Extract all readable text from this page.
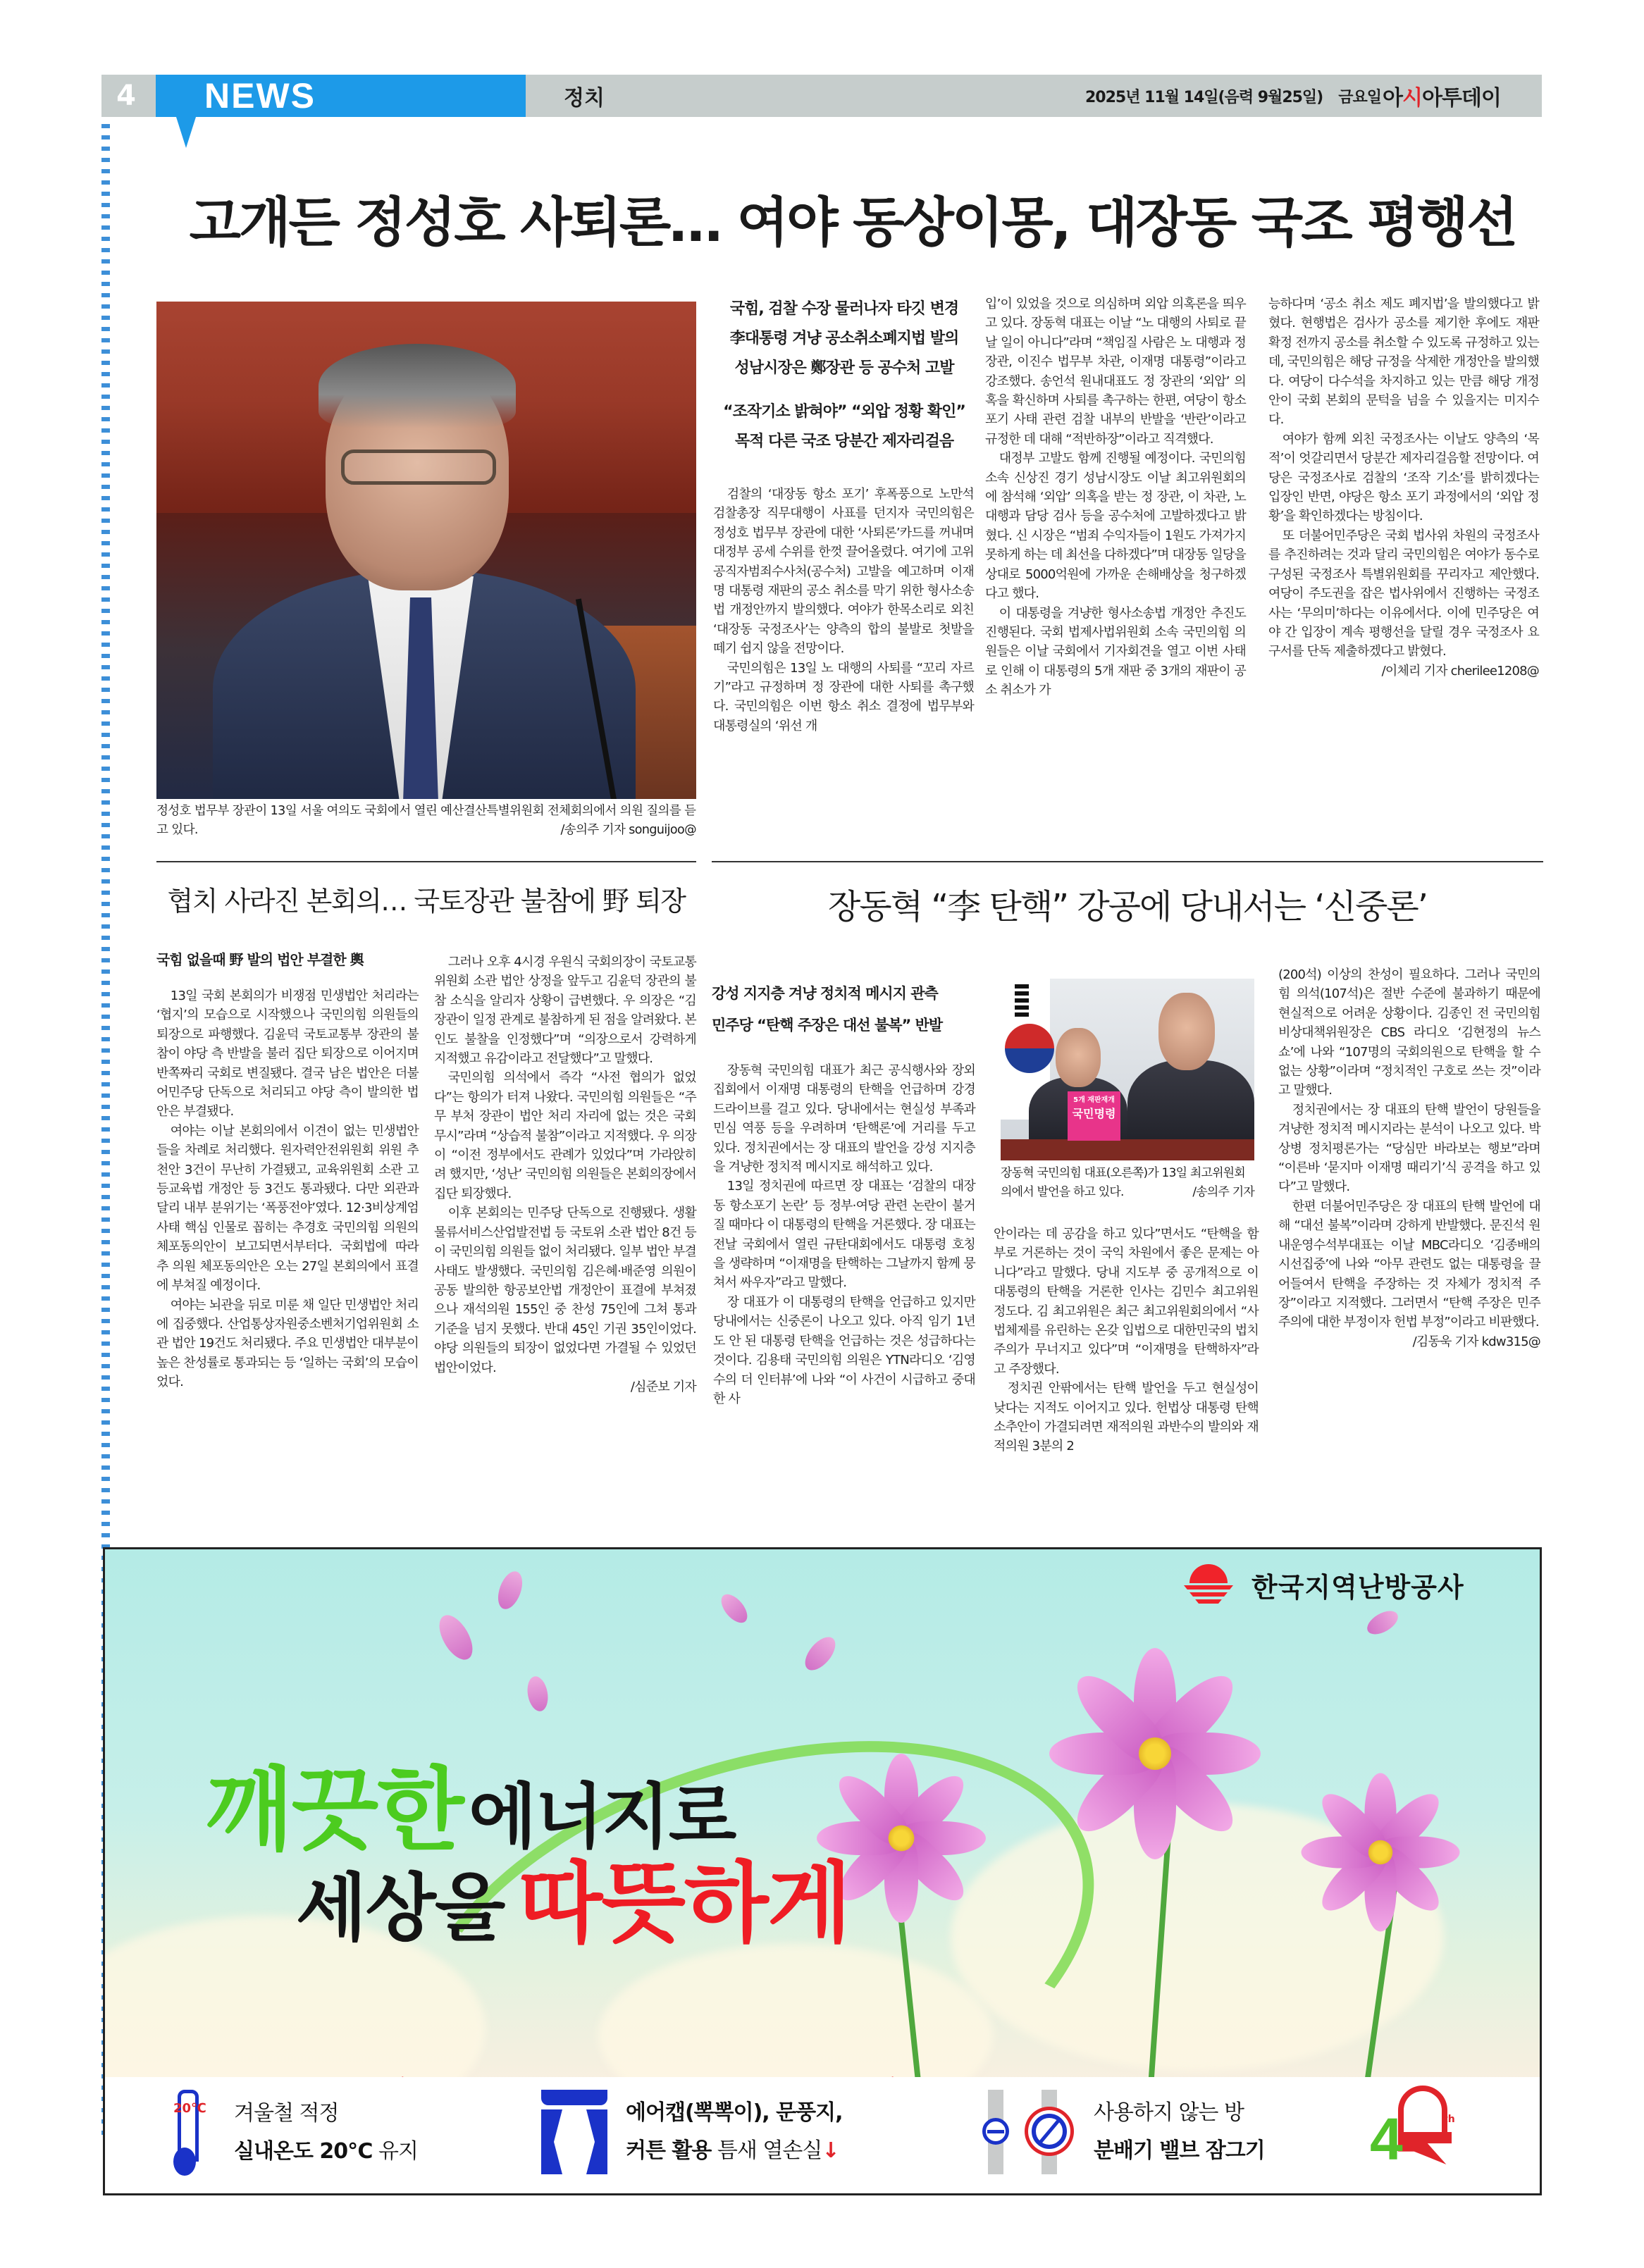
4	NEWS	정치	2025년 11월 14일(음력 9월25일) 금요일 아 시 아투데이
고개든 정성호 사퇴론… 여야 동상이몽, 대장동 국조 평행선
정성호 법무부 장관이 13일 서울 여의도 국회에서 열린 예산결산특별위원회 전체회의에서 의원 질의를 듣고 있다.	/송의주 기자 songuijoo@
국힘, 검찰 수장 물러나자 타깃 변경
李대통령 겨냥 공소취소폐지법 발의
성남시장은 鄭장관 등 공수처 고발
“조작기소 밝혀야” “외압 정황 확인”
목적 다른 국조 당분간 제자리걸음

검찰의 ‘대장동 항소 포기’ 후폭풍으로 노만석 검찰총장 직무대행이 사표를 던지자 국민의힘은 정성호 법무부 장관에 대한 ‘사퇴론’카드를 꺼내며 대정부 공세 수위를 한껏 끌어올렸다. 여기에 고위공직자범죄수사처(공수처) 고발을 예고하며 이재명 대통령 재판의 공소 취소를 막기 위한 형사소송법 개정안까지 발의했다. 여야가 한목소리로 외친 ‘대장동 국정조사’는 양측의 합의 불발로 첫발을 떼기 쉽지 않을 전망이다.

국민의힘은 13일 노 대행의 사퇴를 “꼬리 자르기”라고 규정하며 정 장관에 대한 사퇴를 촉구했다. 국민의힘은 이번 항소 취소 결정에 법무부와 대통령실의 ‘위선 개

입’이 있었을 것으로 의심하며 외압 의혹론을 띄우고 있다. 장동혁 대표는 이날 “노 대행의 사퇴로 끝날 일이 아니다”라며 “책임질 사람은 노 대행과 정 장관, 이진수 법무부 차관, 이재명 대통령”이라고 강조했다. 송언석 원내대표도 정 장관의 ‘외압’ 의혹을 확신하며 사퇴를 촉구하는 한편, 여당이 항소 포기 사태 관련 검찰 내부의 반발을 ‘반란’이라고 규정한 데 대해 “적반하장”이라고 직격했다.

대정부 고발도 함께 진행될 예정이다. 국민의힘 소속 신상진 경기 성남시장도 이날 최고위원회의에 참석해 ‘외압’ 의혹을 받는 정 장관, 이 차관, 노 대행과 담당 검사 등을 공수처에 고발하겠다고 밝혔다. 신 시장은 “범죄 수익자들이 1원도 가져가지 못하게 하는 데 최선을 다하겠다”며 대장동 일당을 상대로 5000억원에 가까운 손해배상을 청구하겠다고 했다.

이 대통령을 겨냥한 형사소송법 개정안 추진도 진행된다. 국회 법제사법위원회 소속 국민의힘 의원들은 이날 국회에서 기자회견을 열고 이번 사태로 인해 이 대통령의 5개 재판 중 3개의 재판이 공소 취소가 가

능하다며 ‘공소 취소 제도 폐지법’을 발의했다고 밝혔다. 현행법은 검사가 공소를 제기한 후에도 재판 확정 전까지 공소를 취소할 수 있도록 규정하고 있는데, 국민의힘은 해당 규정을 삭제한 개정안을 발의했다. 여당이 다수석을 차지하고 있는 만큼 해당 개정안이 국회 본회의 문턱을 넘을 수 있을지는 미지수다.

여야가 함께 외친 국정조사는 이날도 양측의 ‘목적’이 엇갈리면서 당분간 제자리걸음할 전망이다. 여당은 국정조사로 검찰의 ‘조작 기소’를 밝히겠다는 입장인 반면, 야당은 항소 포기 과정에서의 ‘외압 정황’을 확인하겠다는 방침이다.

또 더불어민주당은 국회 법사위 차원의 국정조사를 추진하려는 것과 달리 국민의힘은 여야가 동수로 구성된 국정조사 특별위원회를 꾸리자고 제안했다. 여당이 주도권을 잡은 법사위에서 진행하는 국정조사는 ‘무의미’하다는 이유에서다. 이에 민주당은 여야 간 입장이 계속 평행선을 달릴 경우 국정조사 요구서를 단독 제출하겠다고 밝혔다.

/이체리 기자 cherilee1208@
협치 사라진 본회의… 국토장관 불참에 野 퇴장
국힘 없을때 野 발의 법안 부결한 輿

13일 국회 본회의가 비쟁점 민생법안 처리라는 ‘협지’의 모습으로 시작했으나 국민의힘 의원들의 퇴장으로 파행했다. 김윤덕 국토교통부 장관의 불참이 야당 측 반발을 불러 집단 퇴장으로 이어지며 반쪽짜리 국회로 변질됐다. 결국 남은 법안은 더불어민주당 단독으로 처리되고 야당 측이 발의한 법안은 부결됐다.

여야는 이날 본회의에서 이견이 없는 민생법안들을 차례로 처리했다. 원자력안전위원회 위원 추천안 3건이 무난히 가결됐고, 교육위원회 소관 고등교육법 개정안 등 3건도 통과됐다. 다만 외관과 달리 내부 분위기는 ‘폭풍전야’였다. 12·3비상계엄 사태 핵심 인물로 꼽히는 추경호 국민의힘 의원의 체포동의안이 보고되면서부터다. 국회법에 따라 추 의원 체포동의안은 오는 27일 본회의에서 표결에 부쳐질 예정이다.

여야는 뇌관을 뒤로 미룬 채 일단 민생법안 처리에 집중했다. 산업통상자원중소벤처기업위원회 소관 법안 19건도 처리됐다. 주요 민생법안 대부분이 높은 찬성률로 통과되는 등 ‘일하는 국회’의 모습이었다.

그러나 오후 4시경 우원식 국회의장이 국토교통위원회 소관 법안 상정을 앞두고 김윤덕 장관의 불참 소식을 알리자 상황이 급변했다. 우 의장은 “김 장관이 일정 관계로 불참하게 된 점을 알려왔다. 본인도 불찰을 인정했다”며 “의장으로서 강력하게 지적했고 유감이라고 전달했다”고 말했다.

국민의힘 의석에서 즉각 “사전 협의가 없었다”는 항의가 터져 나왔다. 국민의힘 의원들은 “주무 부처 장관이 법안 처리 자리에 없는 것은 국회 무시”라며 “상습적 불참”이라고 지적했다. 우 의장이 “이전 정부에서도 관례가 있었다”며 가라앉히려 했지만, ‘성난’ 국민의힘 의원들은 본회의장에서 집단 퇴장했다.

이후 본회의는 민주당 단독으로 진행됐다. 생활물류서비스산업발전법 등 국토위 소관 법안 8건 등이 국민의힘 의원들 없이 처리됐다. 일부 법안 부결 사태도 발생했다. 국민의힘 김은혜·배준영 의원이 공동 발의한 항공보안법 개정안이 표결에 부쳐졌으나 재석의원 155인 중 찬성 75인에 그쳐 통과 기준을 넘지 못했다. 반대 45인 기권 35인이었다. 야당 의원들의 퇴장이 없었다면 가결될 수 있었던 법안이었다.

/심준보 기자
장동혁 “李 탄핵” 강공에 당내서는 ‘신중론’
강성 지지층 겨냥 정치적 메시지 관측
민주당 “탄핵 주장은 대선 불복” 반발
5개 재판재개
국민명령
장동혁 국민의힘 대표(오른쪽)가 13일 최고위원회의에서 발언을 하고 있다.	/송의주 기자

장동혁 국민의힘 대표가 최근 공식행사와 장외 집회에서 이재명 대통령의 탄핵을 언급하며 강경 드라이브를 걸고 있다. 당내에서는 현실성 부족과 민심 역풍 등을 우려하며 ‘탄핵론’에 거리를 두고 있다. 정치권에서는 장 대표의 발언을 강성 지지층을 겨냥한 정치적 메시지로 해석하고 있다.

13일 정치권에 따르면 장 대표는 ‘검찰의 대장동 항소포기 논란’ 등 정부·여당 관련 논란이 불거질 때마다 이 대통령의 탄핵을 거론했다. 장 대표는 전날 국회에서 열린 규탄대회에서도 대통령 호칭을 생략하며 “이재명을 탄핵하는 그날까지 함께 뭉쳐서 싸우자”라고 말했다.

장 대표가 이 대통령의 탄핵을 언급하고 있지만 당내에서는 신중론이 나오고 있다. 아직 임기 1년도 안 된 대통령 탄핵을 언급하는 것은 성급하다는 것이다. 김용태 국민의힘 의원은 YTN라디오 ‘김영수의 더 인터뷰’에 나와 “이 사건이 시급하고 중대한 사

안이라는 데 공감을 하고 있다”면서도 “탄핵을 함부로 거론하는 것이 국익 차원에서 좋은 문제는 아니다”라고 말했다. 당내 지도부 중 공개적으로 이 대통령의 탄핵을 거론한 인사는 김민수 최고위원 정도다. 김 최고위원은 최근 최고위원회의에서 “사법체제를 유린하는 온갖 입법으로 대한민국의 법치주의가 무너지고 있다”며 “이재명을 탄핵하자”라고 주장했다.

정치권 안팎에서는 탄핵 발언을 두고 현실성이 낮다는 지적도 이어지고 있다. 헌법상 대통령 탄핵소추안이 가결되려면 재적의원 과반수의 발의와 재적의원 3분의 2

(200석) 이상의 찬성이 필요하다. 그러나 국민의힘 의석(107석)은 절반 수준에 불과하기 때문에 현실적으로 어려운 상황이다. 김종인 전 국민의힘 비상대책위원장은 CBS 라디오 ‘김현정의 뉴스쇼’에 나와 “107명의 국회의원으로 탄핵을 할 수 없는 상황”이라며 “정치적인 구호로 쓰는 것”이라고 말했다.

정치권에서는 장 대표의 탄핵 발언이 당원들을 겨냥한 정치적 메시지라는 분석이 나오고 있다. 박상병 정치평론가는 “당심만 바라보는 행보”라며 “이른바 ‘묻지마 이재명 때리기’식 공격을 하고 있다”고 말했다.

한편 더불어민주당은 장 대표의 탄핵 발언에 대해 “대선 불복”이라며 강하게 반발했다. 문진석 원내운영수석부대표는 이날 MBC라디오 ‘김종배의 시선집중’에 나와 “아무 관련도 없는 대통령을 끌어들여서 탄핵을 주장하는 것 자체가 정치적 주장”이라고 지적했다. 그러면서 “탄핵 주장은 민주주의에 대한 부정이자 헌법 부정”이라고 비판했다.

/김동욱 기자 kdw315@
한국지역난방공사
깨끗한에너지로
세상을 따뜻하게
겨울철 적정
실내온도 20℃ 유지
20℃	에어캡(뽁뽁이), 문풍지,
커튼 활용 틈새 열손실↓
사용하지 않는 방
분배기 밸브 잠그기 4	th
